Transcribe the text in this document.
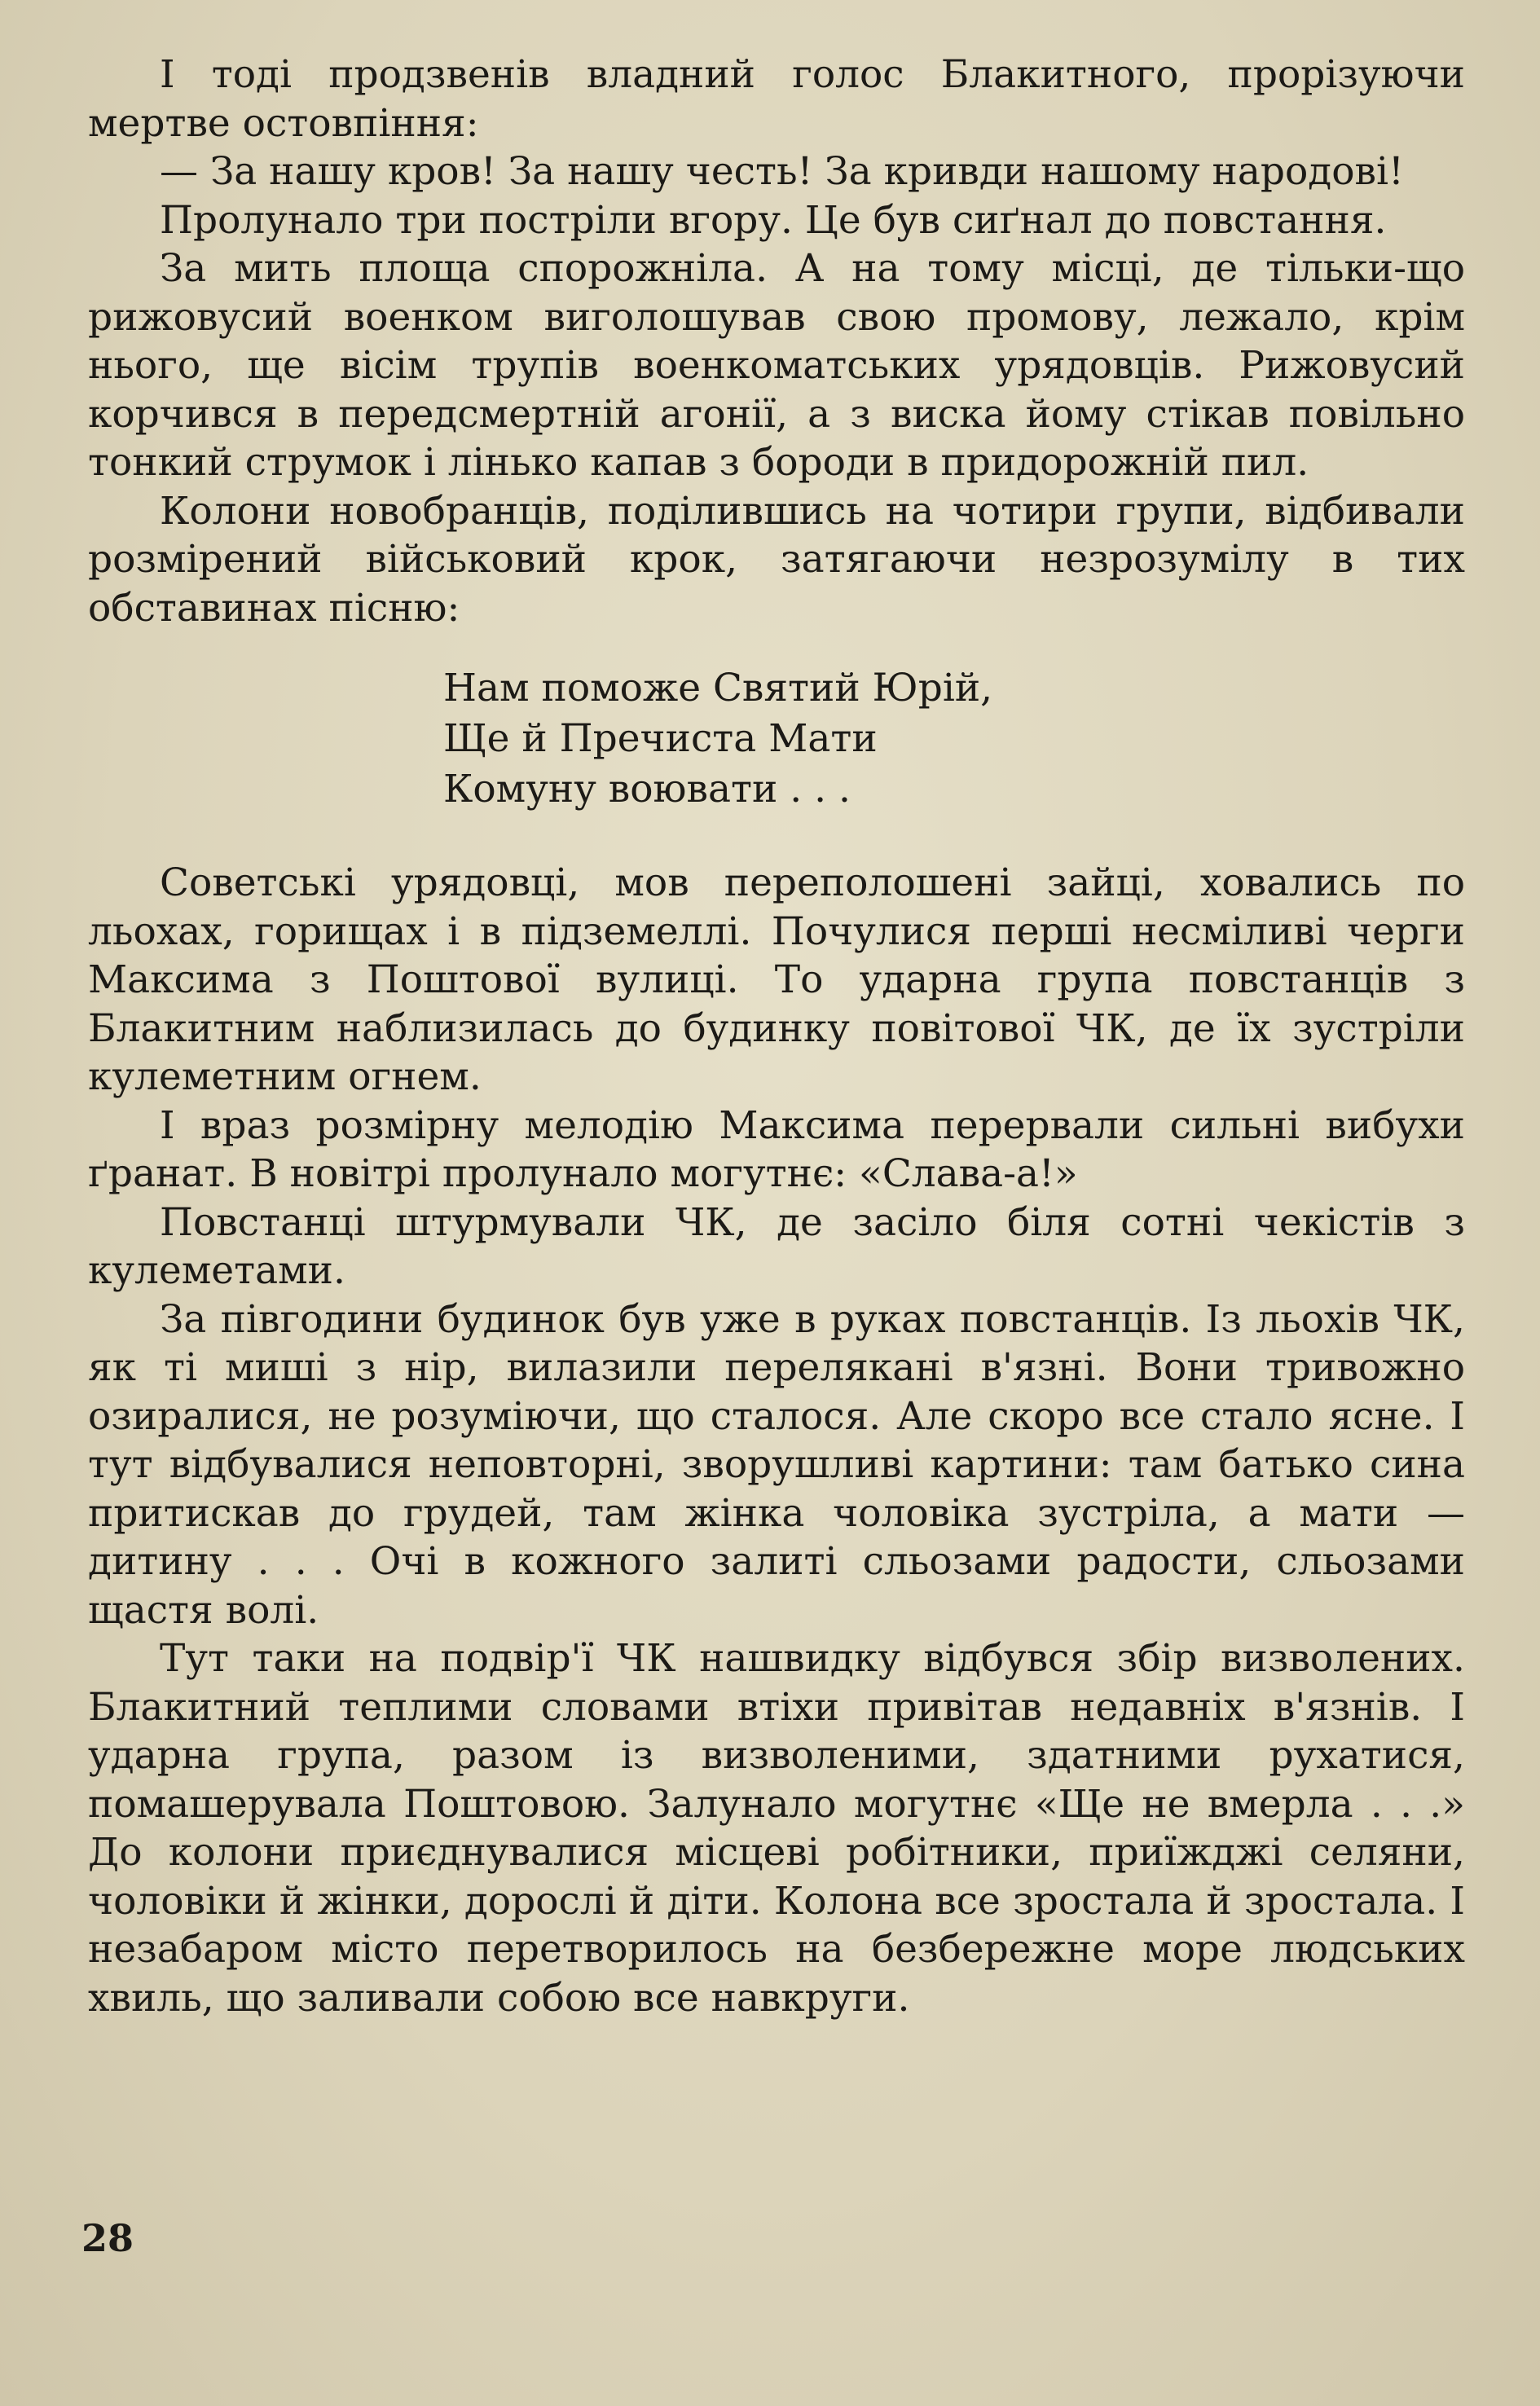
І тоді продзвенів владний голос Блакитного, прорізуючи мертве остовпіння:

— За нашу кров! За нашу честь! За кривди нашому народові!

Пролунало три постріли вгору. Це був сиґнал до повстання.

За мить площа спорожніла. А на тому місці, де тільки-що рижовусий военком виголошував свою промову, лежало, крім нього, ще вісім трупів военкоматських урядовців. Рижовусий корчився в передсмертній агонії, а з виска йому стікав повільно тонкий струмок і лінько капав з бороди в придорожній пил.

Колони новобранців, поділившись на чотири групи, відбивали розмірений військовий крок, затягаючи незрозумілу в тих обставинах пісню:

Нам поможе Святий Юрій,
Ще й Пречиста Мати
Комуну воювати . . .

Советські урядовці, мов переполошені зайці, ховались по льохах, горищах і в підземеллі. Почулися перші несміливі черги Максима з Поштової вулиці. То ударна група повстанців з Блакитним наблизилась до будинку повітової ЧК, де їх зустріли кулеметним огнем.

І враз розмірну мелодію Максима перервали сильні вибухи ґранат. В новітрі пролунало могутнє: «Слава-а!»

Повстанці штурмували ЧК, де засіло біля сотні чекістів з кулеметами.

За півгодини будинок був уже в руках повстанців. Із льохів ЧК, як ті миші з нір, вилазили перелякані в'язні. Вони тривожно озиралися, не розуміючи, що сталося. Але скоро все стало ясне. І тут відбувалися неповторні, зворушливі картини: там батько сина притискав до грудей, там жінка чоловіка зустріла, а мати — дитину . . . Очі в кожного залиті сльозами радости, сльозами щастя волі.

Тут таки на подвір'ї ЧК нашвидку відбувся збір визволених. Блакитний теплими словами втіхи привітав недавніх в'язнів. І ударна група, разом із визволеними, здатними рухатися, помашерувала Поштовою. Залунало могутнє «Ще не вмерла . . .» До колони приєднувалися місцеві робітники, приїжджі селяни, чоловіки й жінки, дорослі й діти. Колона все зростала й зростала. І незабаром місто перетворилось на безбережне море людських хвиль, що заливали собою все навкруги.

28
